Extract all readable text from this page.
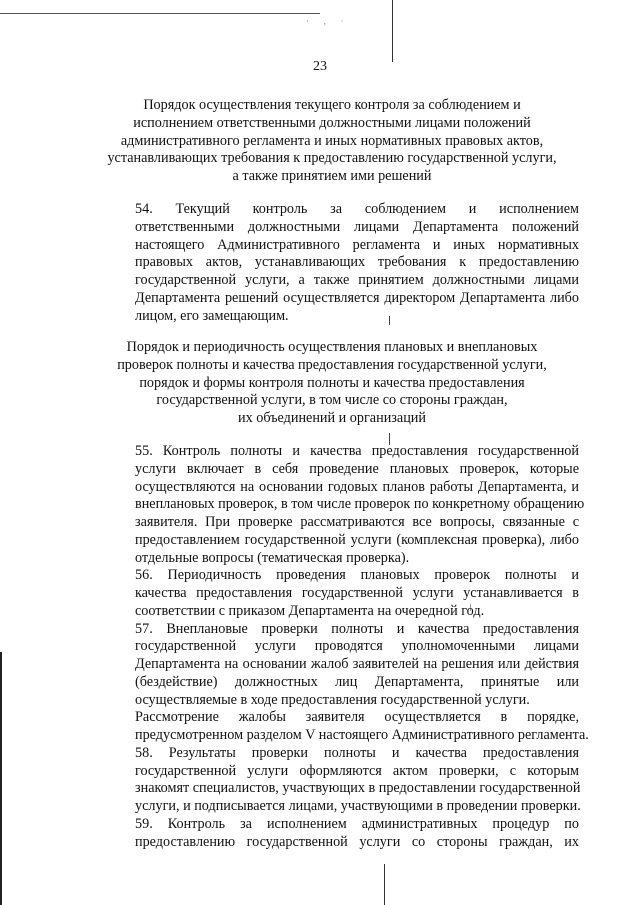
· ‚ ·
23
Порядок осуществления текущего контроля за соблюдением и
исполнением ответственными должностными лицами положений
административного регламента и иных нормативных правовых актов,
устанавливающих требования к предоставлению государственной услуги,
а также принятием ими решений

54. Текущий контроль за соблюдением и исполнением
ответственными должностными лицами Департамента положений
настоящего Административного регламента и иных нормативных
правовых актов, устанавливающих требования к предоставлению
государственной услуги, а также принятием должностными лицами
Департамента решений осуществляется директором Департамента либо
лицом, его замещающим.

Порядок и периодичность осуществления плановых и внеплановых
проверок полноты и качества предоставления государственной услуги,
порядок и формы контроля полноты и качества предоставления
государственной услуги, в том числе со стороны граждан,
их объединений и организаций

55. Контроль полноты и качества предоставления государственной
услуги включает в себя проведение плановых проверок, которые
осуществляются на основании годовых планов работы Департамента, и
внеплановых проверок, в том числе проверок по конкретному обращению
заявителя. При проверке рассматриваются все вопросы, связанные с
предоставлением государственной услуги (комплексная проверка), либо
отдельные вопросы (тематическая проверка).

56. Периодичность проведения плановых проверок полноты и
качества предоставления государственной услуги устанавливается в
соответствии с приказом Департамента на очередной год.

57. Внеплановые проверки полноты и качества предоставления
государственной услуги проводятся уполномоченными лицами
Департамента на основании жалоб заявителей на решения или действия
(бездействие) должностных лиц Департамента, принятые или
осуществляемые в ходе предоставления государственной услуги.

Рассмотрение жалобы заявителя осуществляется в порядке,
предусмотренном разделом V настоящего Административного регламента.

58. Результаты проверки полноты и качества предоставления
государственной услуги оформляются актом проверки, с которым
знакомят специалистов, участвующих в предоставлении государственной
услуги, и подписывается лицами, участвующими в проведении проверки.

59. Контроль за исполнением административных процедур по
предоставлению государственной услуги со стороны граждан, их
